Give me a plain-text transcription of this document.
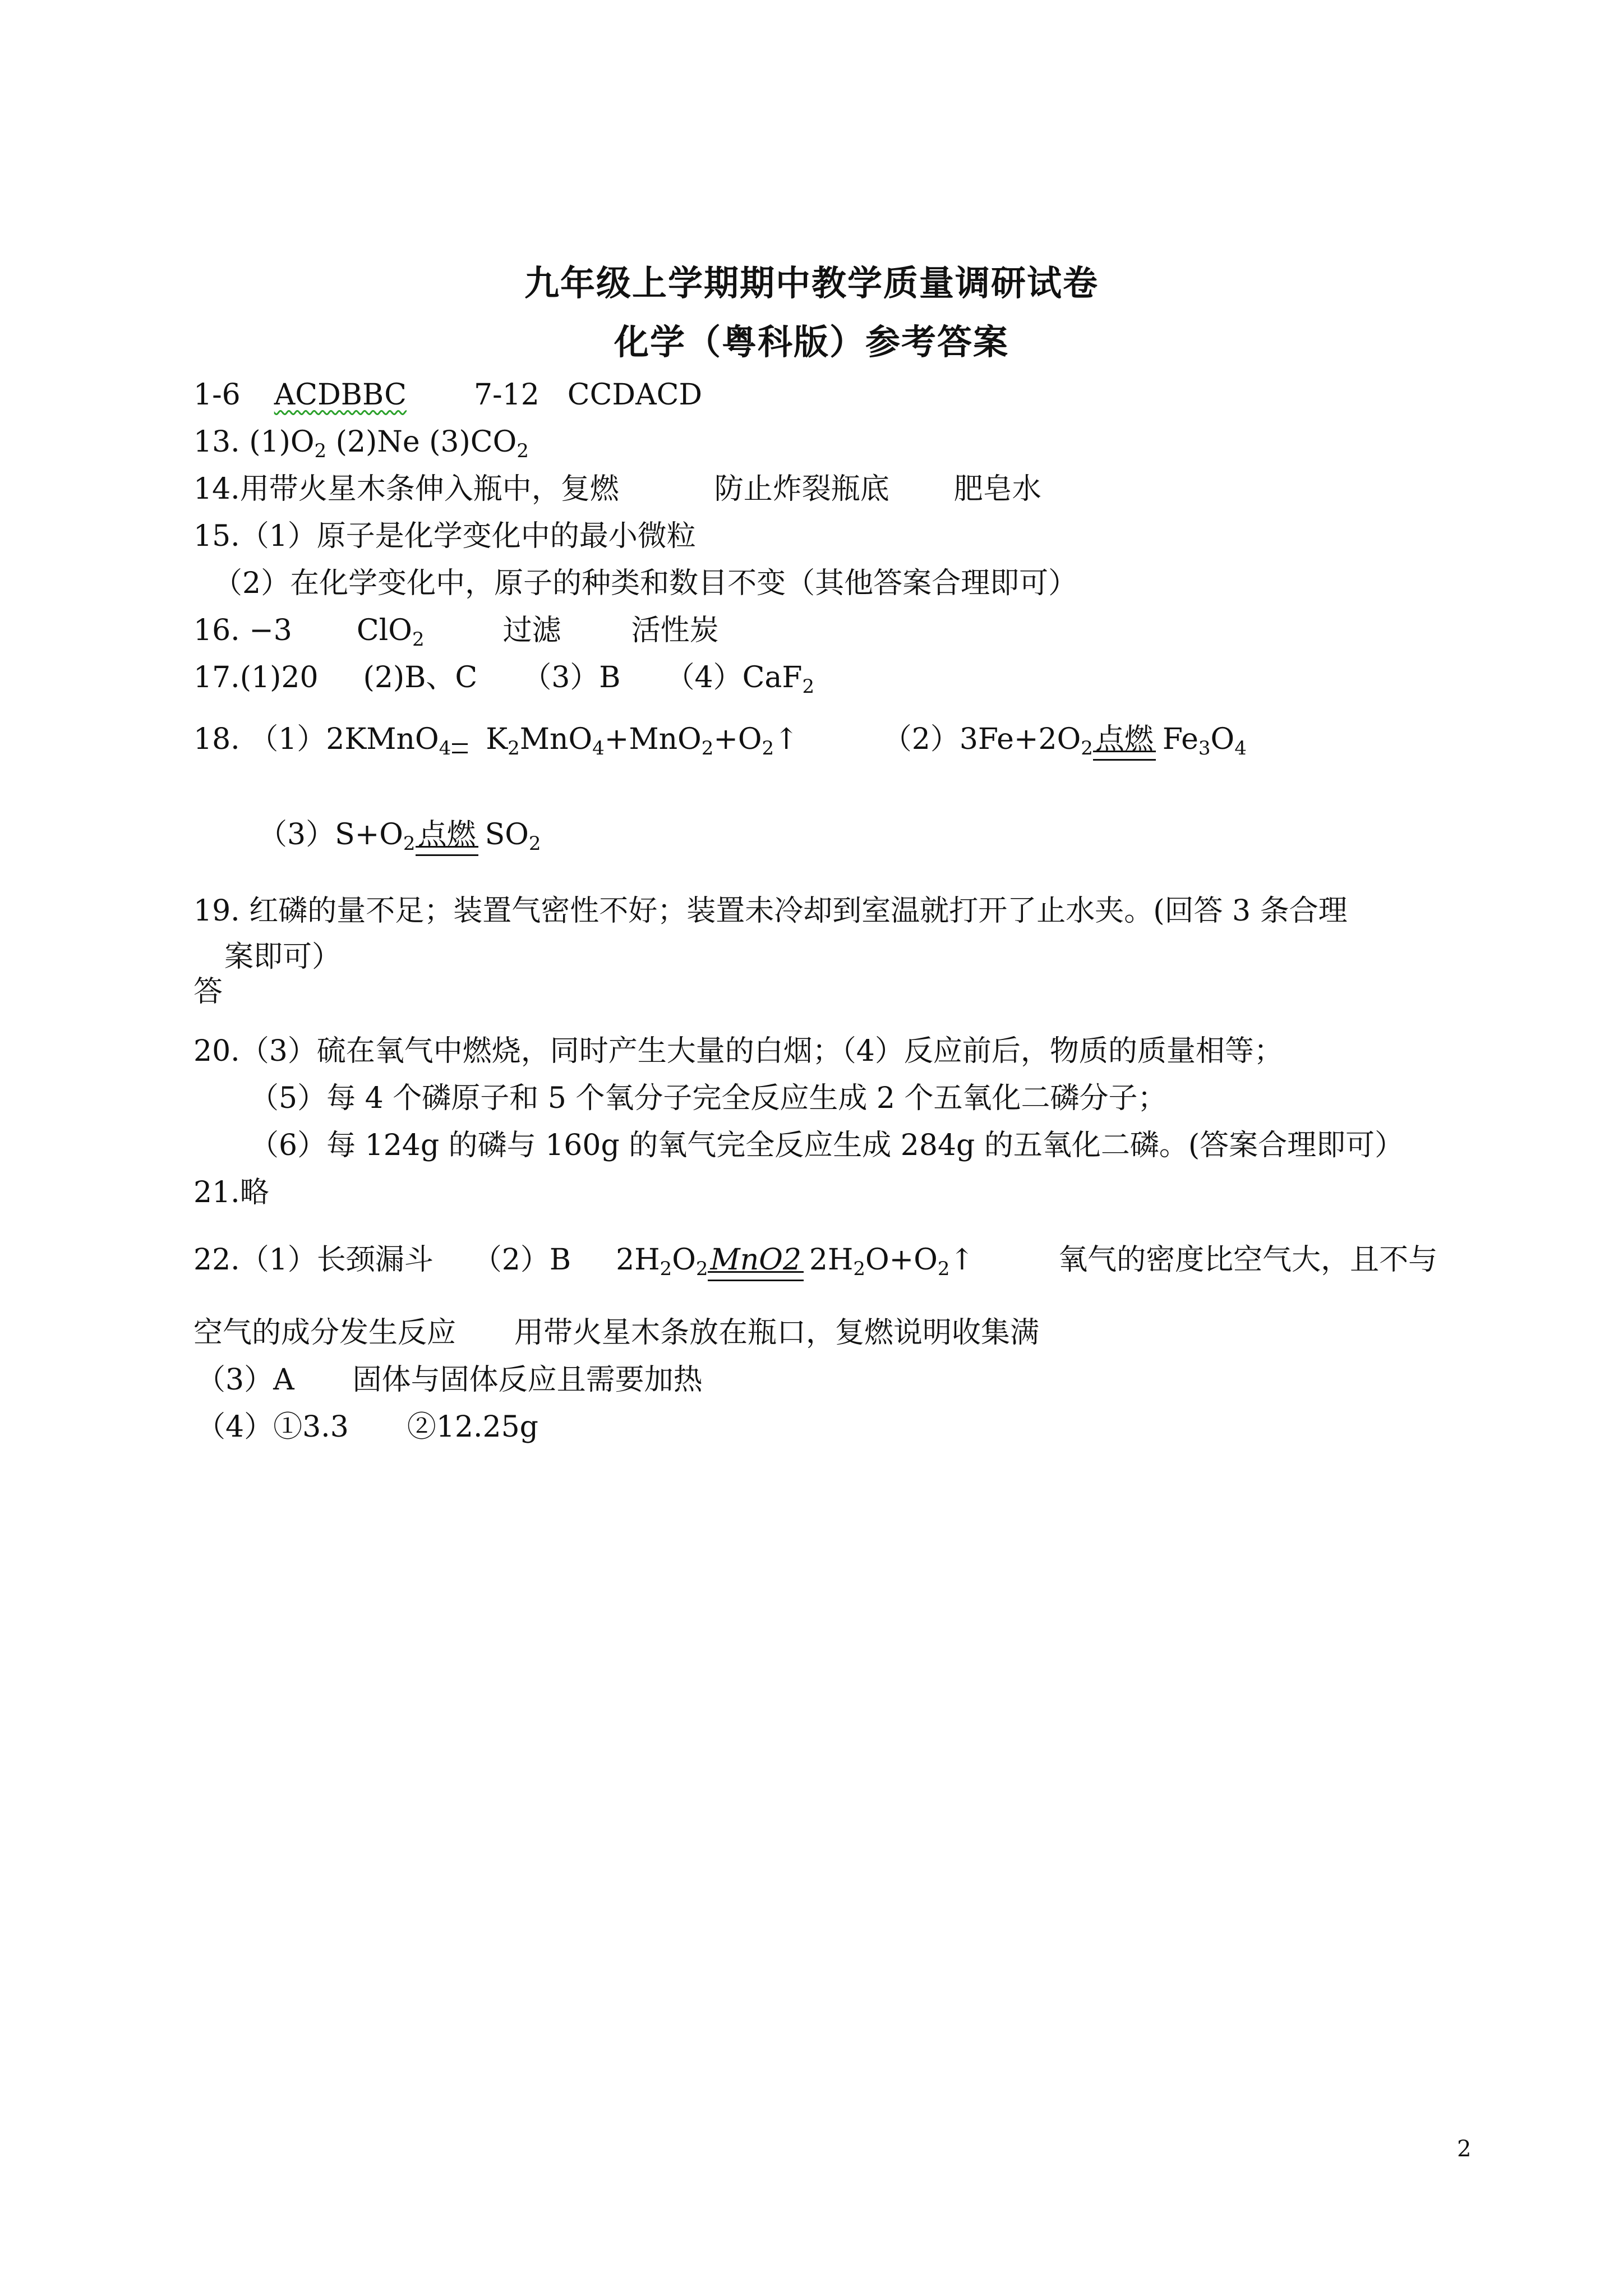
九年级上学期期中教学质量调研试卷
化学（粤科版）参考答案
1-6 ACDBBC 7-12 CCDACD
13. $(1)O_2$ (2)Ne $(3)CO_2$
14.用带火星木条伸入瓶中，复燃	防止炸裂瓶底 肥皂水
15.（1）原子是化学变化中的最小微粒
（2）在化学变化中，原子的种类和数目不变（其他答案合理即可）
16. −3 ClO$_2$	过滤 活性炭
17.(1)20 (2)B、C （3）B （4）CaF$_2$
18. （1）2KMnO$_4$ $K_2MnO_4+MnO_2+O_2↑$	$(2)3Fe+2O_2$点燃 $Fe_3O_4$
$(3)S+O_2$点燃 $SO_2$
19. 红磷的量不足；装置气密性不好；装置未冷却到室温就打开了止水夹。(回答 3 条合理
案即可）
答
20.（3）硫在氧气中燃烧，同时产生大量的白烟；（4）反应前后，物质的质量相等；
（5）每 4 个磷原子和 5 个氧分子完全反应生成 2 个五氧化二磷分子；
（6）每 124g 的磷与 160g 的氧气完全反应生成 284g 的五氧化二磷。(答案合理即可）
21.略
22.（1）长颈漏斗 （2）B $2H_2O_2MnO2$ $2H_2O+O_2↑$	氧气的密度比空气大，且不与
空气的成分发生反应　　用带火星木条放在瓶口，复燃说明收集满
（3）A　　固体与固体反应且需要加热
（4）①3.3　　②12.25g
2
